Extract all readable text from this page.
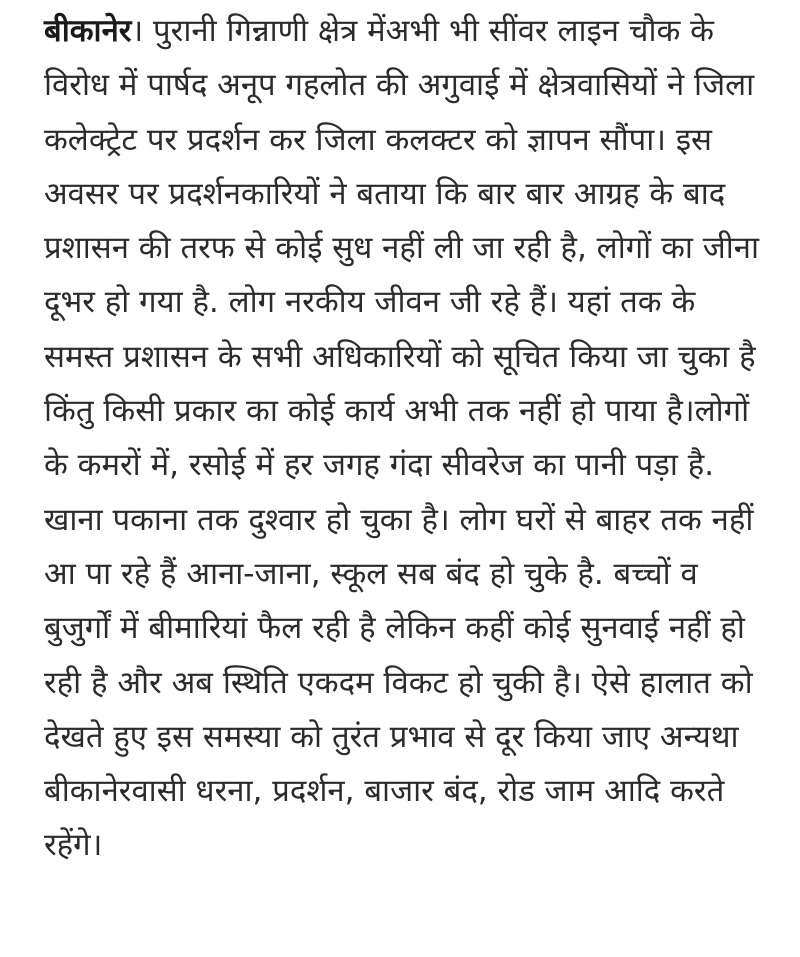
बीकानेर। पुरानी गिन्नाणी क्षेत्र मेंअभी भी सींवर लाइन चौक के विरोध में पार्षद अनूप गहलोत की अगुवाई में क्षेत्रवासियों ने जिला कलेक्ट्रेट पर प्रदर्शन कर जिला कलक्टर को ज्ञापन सौंपा। इस अवसर पर प्रदर्शनकारियों ने बताया कि बार बार आग्रह के बाद प्रशासन की तरफ से कोई सुध नहीं ली जा रही है, लोगों का जीना दूभर हो गया है. लोग नरकीय जीवन जी रहे हैं। यहां तक के समस्त प्रशासन के सभी अधिकारियों को सूचित किया जा चुका है किंतु किसी प्रकार का कोई कार्य अभी तक नहीं हो पाया है।लोगों के कमरों में, रसोई में हर जगह गंदा सीवरेज का पानी पड़ा है. खाना पकाना तक दुश्वार हो चुका है। लोग घरों से बाहर तक नहीं आ पा रहे हैं आना-जाना, स्कूल सब बंद हो चुके है. बच्चों व बुजुर्गों में बीमारियां फैल रही है लेकिन कहीं कोई सुनवाई नहीं हो रही है और अब स्थिति एकदम विकट हो चुकी है। ऐसे हालात को देखते हुए इस समस्या को तुरंत प्रभाव से दूर किया जाए अन्यथा बीकानेरवासी धरना, प्रदर्शन, बाजार बंद, रोड जाम आदि करते रहेंगे।
